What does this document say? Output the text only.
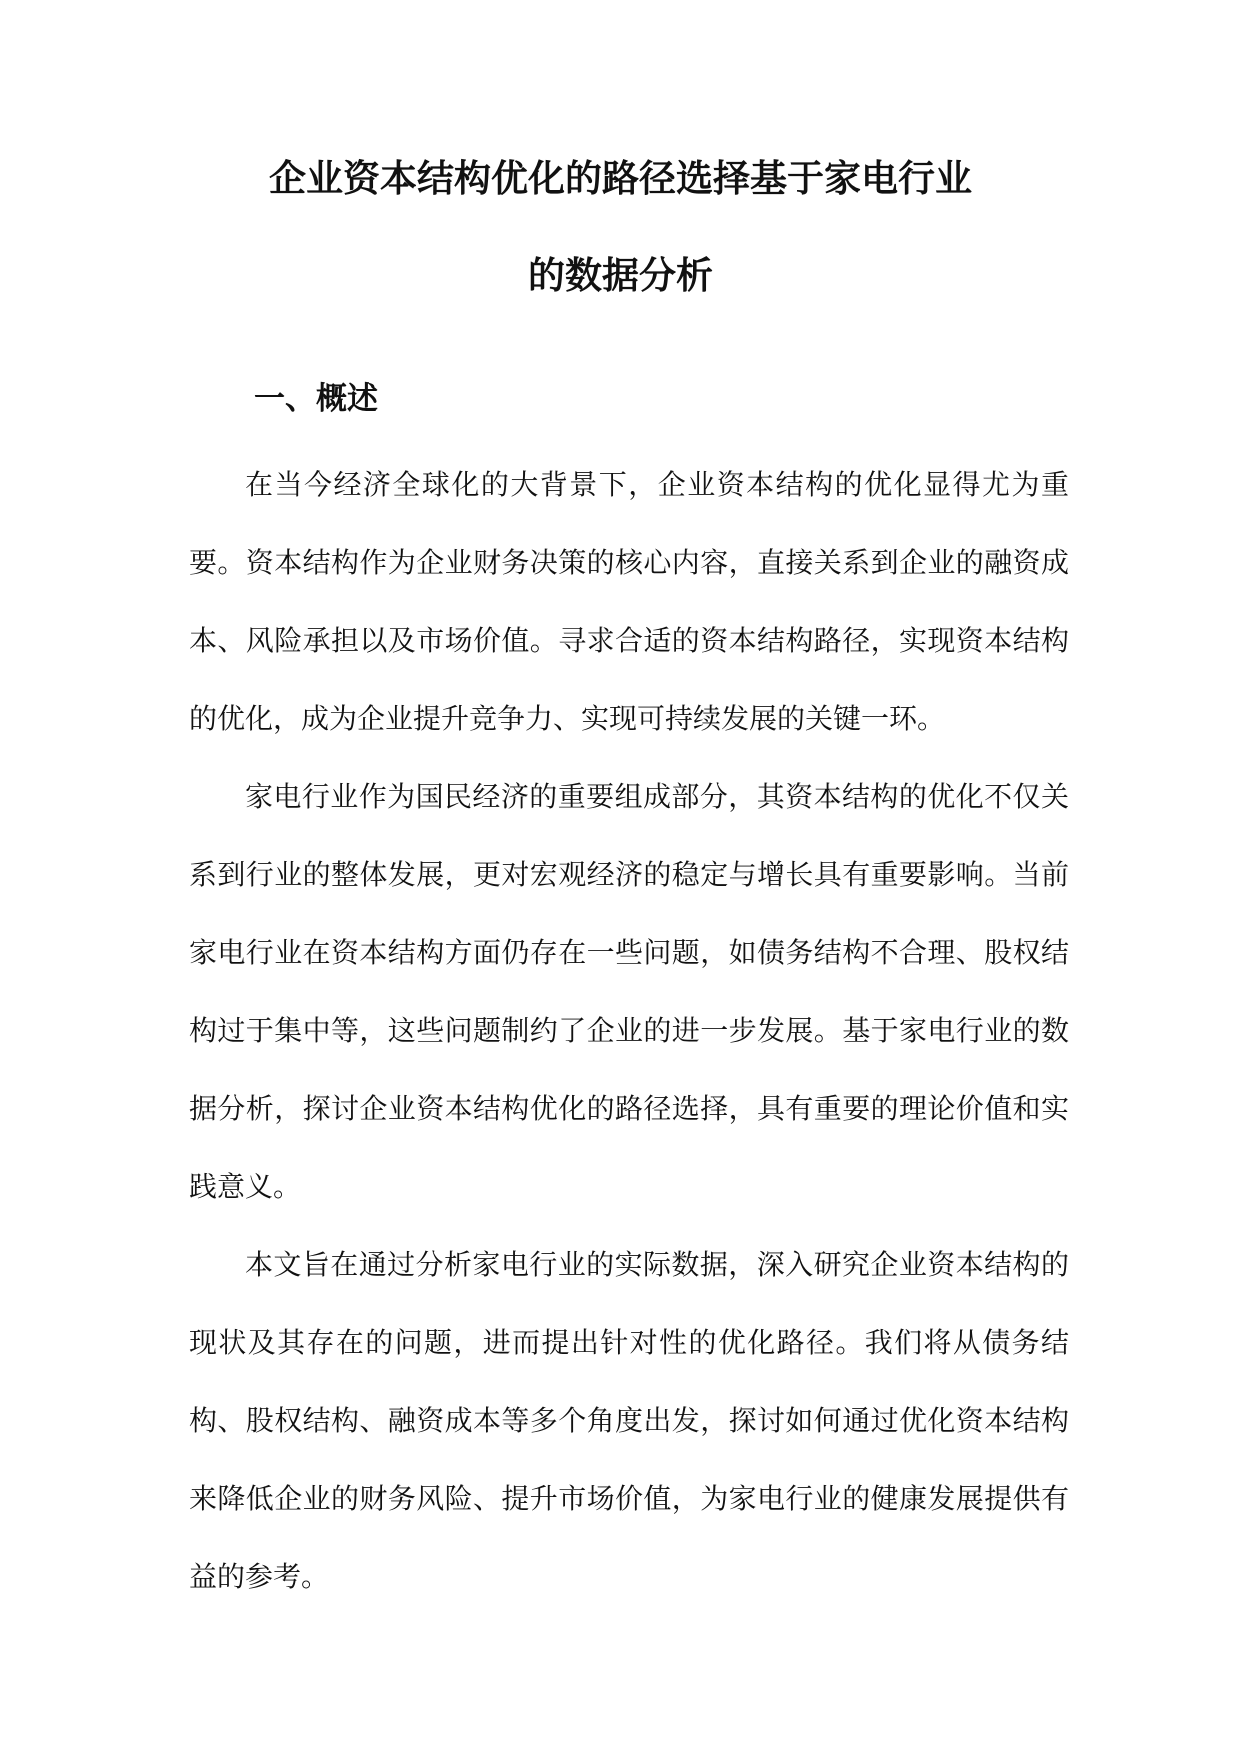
企业资本结构优化的路径选择基于家电行业
的数据分析
一、概述

在当今经济全球化的大背景下，企业资本结构的优化显得尤为重要。资本结构作为企业财务决策的核心内容，直接关系到企业的融资成本、风险承担以及市场价值。寻求合适的资本结构路径，实现资本结构的优化，成为企业提升竞争力、实现可持续发展的关键一环。

家电行业作为国民经济的重要组成部分，其资本结构的优化不仅关系到行业的整体发展，更对宏观经济的稳定与增长具有重要影响。当前家电行业在资本结构方面仍存在一些问题，如债务结构不合理、股权结构过于集中等，这些问题制约了企业的进一步发展。基于家电行业的数据分析，探讨企业资本结构优化的路径选择，具有重要的理论价值和实践意义。

本文旨在通过分析家电行业的实际数据，深入研究企业资本结构的现状及其存在的问题，进而提出针对性的优化路径。我们将从债务结构、股权结构、融资成本等多个角度出发，探讨如何通过优化资本结构来降低企业的财务风险、提升市场价值，为家电行业的健康发展提供有益的参考。
